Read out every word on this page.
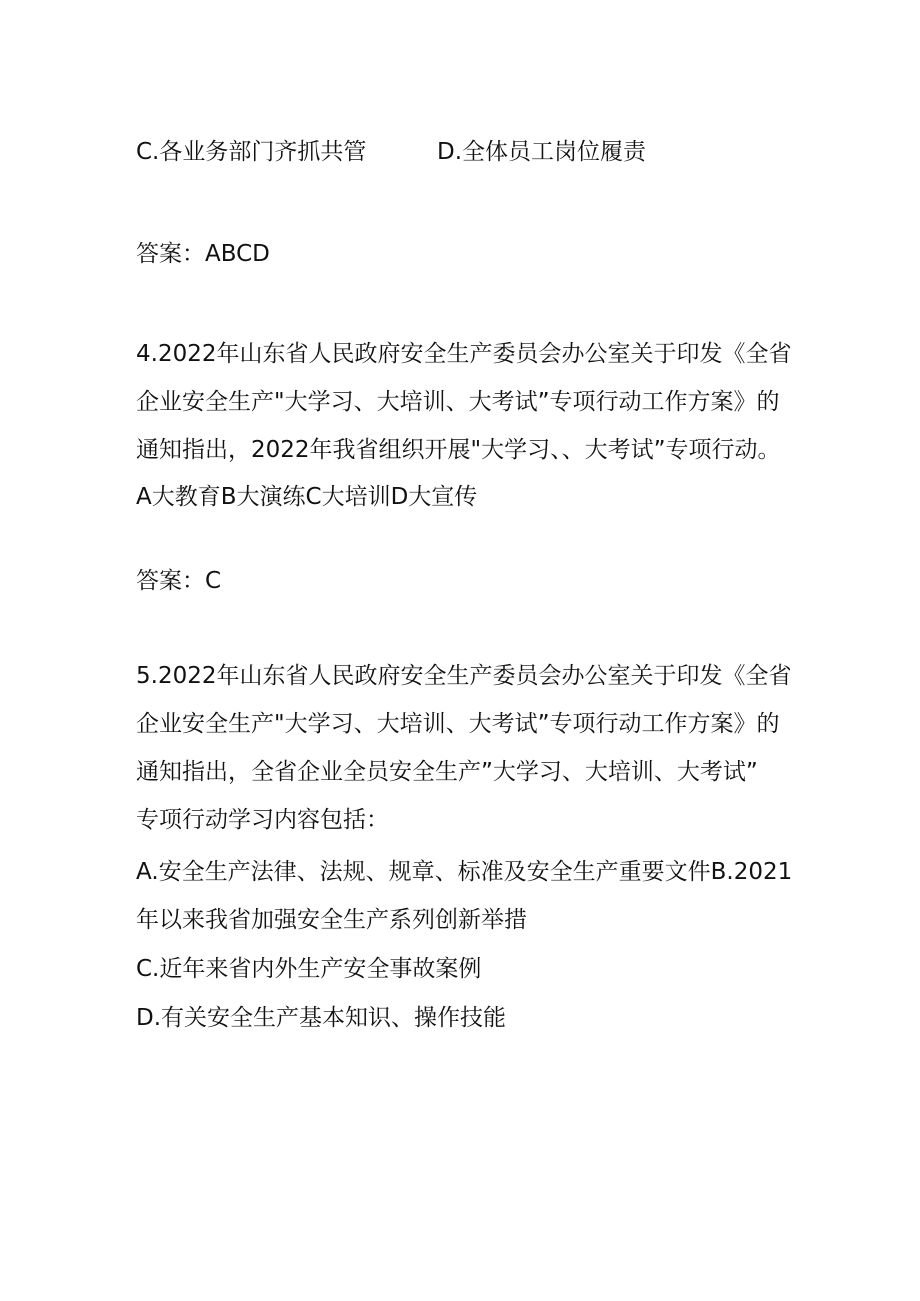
C.各业务部门齐抓共管	D.全体员工岗位履责
答案：ABCD
4.2022年山东省人民政府安全生产委员会办公室关于印发《全省
企业安全生产"大学习、大培训、大考试”专项行动工作方案》的
通知指出，2022年我省组织开展"大学习、、大考试”专项行动。
A大教育B大演练C大培训D大宣传
答案：C
5.2022年山东省人民政府安全生产委员会办公室关于印发《全省
企业安全生产"大学习、大培训、大考试”专项行动工作方案》的
通知指出，全省企业全员安全生产”大学习、大培训、大考试”
专项行动学习内容包括：
A.安全生产法律、法规、规章、标准及安全生产重要文件B.2021
年以来我省加强安全生产系列创新举措
C.近年来省内外生产安全事故案例
D.有关安全生产基本知识、操作技能
